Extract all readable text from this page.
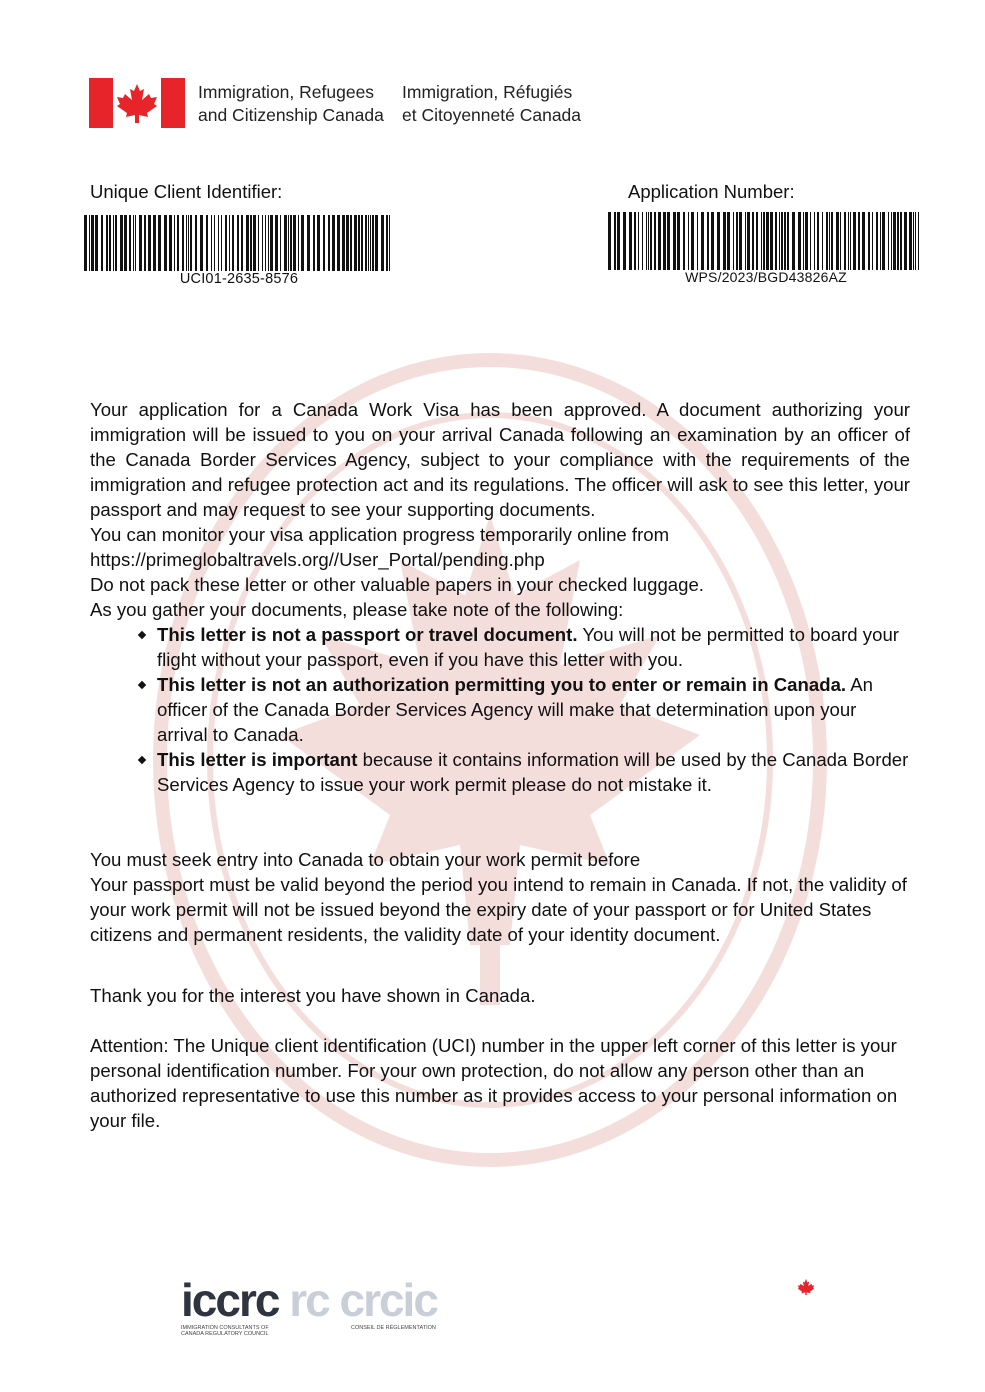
Immigration, Refugees	Immigration, Réfugiés
and Citizenship Canada	et Citoyenneté Canada
Unique Client Identifier:
UCI01-2635-8576
Application Number:
WPS/2023/BGD43826AZ

Your application for a Canada Work Visa has been approved. A document authorizing your immigration will be issued to you on your arrival Canada following an examination by an officer of the Canada Border Services Agency, subject to your compliance with the requirements of the immigration and refugee protection act and its regulations. The officer will ask to see this letter, your passport and may request to see your supporting documents.

You can monitor your visa application progress temporarily online from

https://primeglobaltravels.org//User_Portal/pending.php

Do not pack these letter or other valuable papers in your checked luggage.

As you gather your documents, please take note of the following:

This letter is not a passport or travel document. You will not be permitted to board your flight without your passport, even if you have this letter with you.
This letter is not an authorization permitting you to enter or remain in Canada. An officer of the Canada Border Services Agency will make that determination upon your arrival to Canada.
This letter is important because it contains information will be used by the Canada Border Services Agency to issue your work permit please do not mistake it.

You must seek entry into Canada to obtain your work permit before

Your passport must be valid beyond the period you intend to remain in Canada. If not, the validity of your work permit will not be issued beyond the expiry date of your passport or for United States citizens and permanent residents, the validity date of your identity document.

Thank you for the interest you have shown in Canada.

Attention: The Unique client identification (UCI) number in the upper left corner of this letter is your personal identification number. For your own protection, do not allow any person other than an authorized representative to use this number as it provides access to your personal information on your file.

iccrc rc crcic
IMMIGRATION CONSULTANTS OF CANADA REGULATORY COUNCIL
CONSEIL DE RÉGLEMENTATION
